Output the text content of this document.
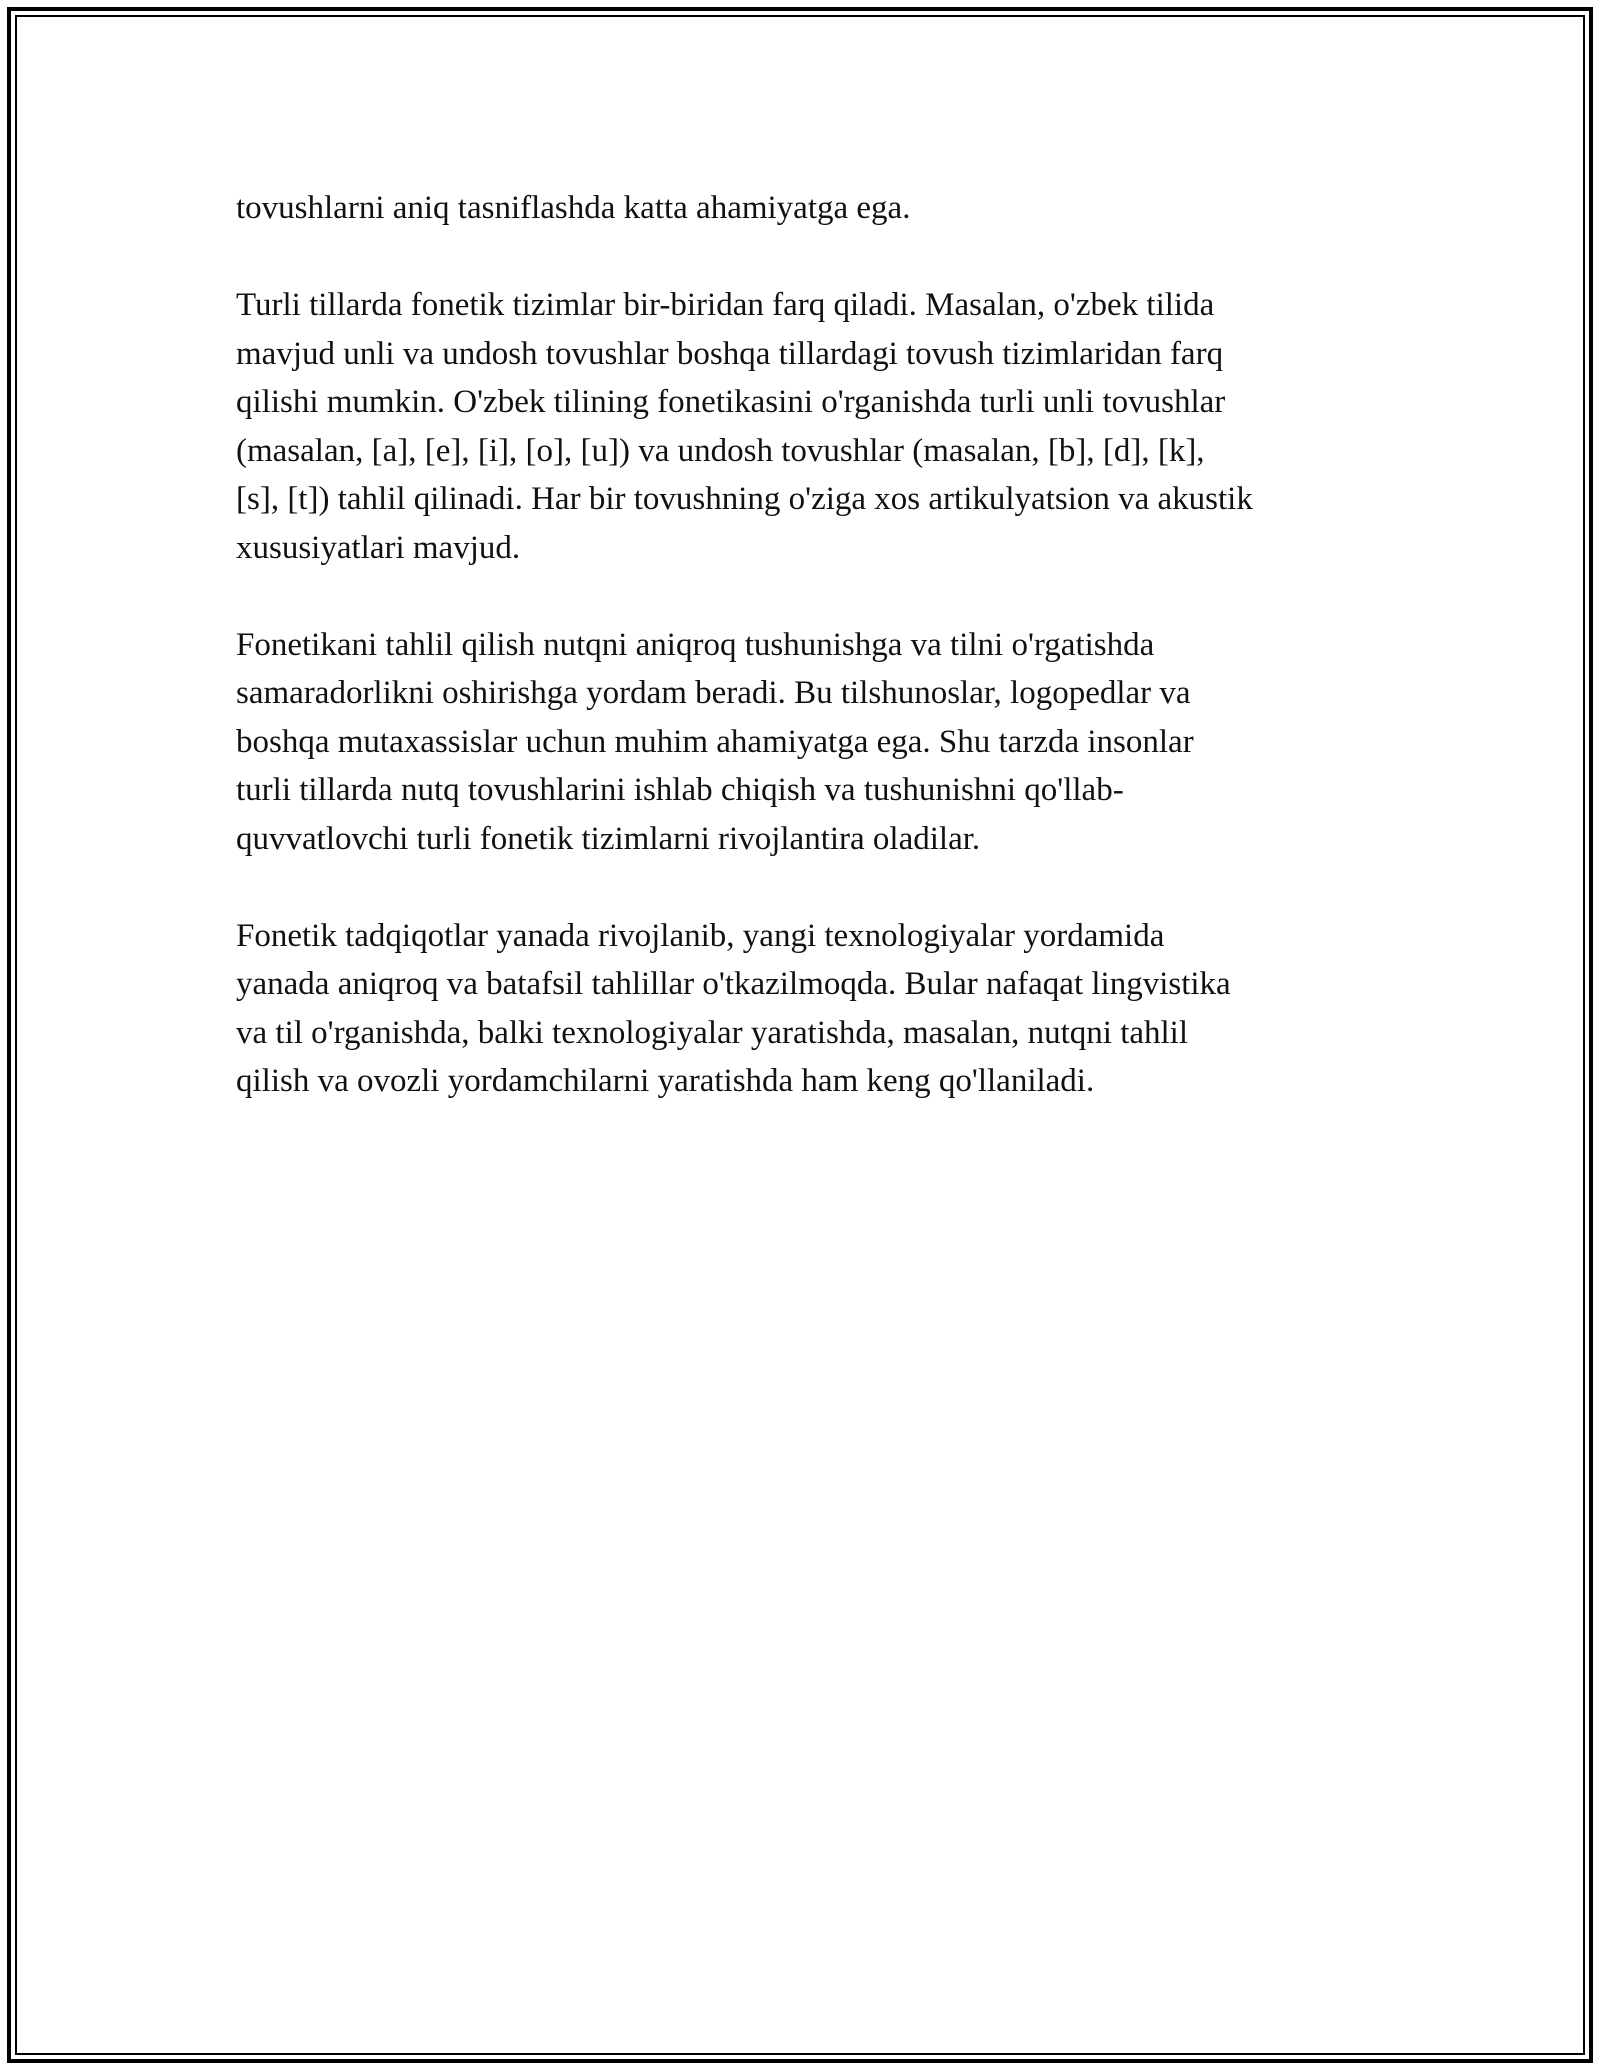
tovushlarni aniq tasniflashda katta ahamiyatga ega.

Turli tillarda fonetik tizimlar bir-biridan farq qiladi. Masalan, o'zbek tilida
mavjud unli va undosh tovushlar boshqa tillardagi tovush tizimlaridan farq
qilishi mumkin. O'zbek tilining fonetikasini o'rganishda turli unli tovushlar
(masalan, [a], [e], [i], [o], [u]) va undosh tovushlar (masalan, [b], [d], [k],
[s], [t]) tahlil qilinadi. Har bir tovushning o'ziga xos artikulyatsion va akustik
xususiyatlari mavjud.

Fonetikani tahlil qilish nutqni aniqroq tushunishga va tilni o'rgatishda
samaradorlikni oshirishga yordam beradi. Bu tilshunoslar, logopedlar va
boshqa mutaxassislar uchun muhim ahamiyatga ega. Shu tarzda insonlar
turli tillarda nutq tovushlarini ishlab chiqish va tushunishni qo'llab-
quvvatlovchi turli fonetik tizimlarni rivojlantira oladilar.

Fonetik tadqiqotlar yanada rivojlanib, yangi texnologiyalar yordamida
yanada aniqroq va batafsil tahlillar o'tkazilmoqda. Bular nafaqat lingvistika
va til o'rganishda, balki texnologiyalar yaratishda, masalan, nutqni tahlil
qilish va ovozli yordamchilarni yaratishda ham keng qo'llaniladi.
